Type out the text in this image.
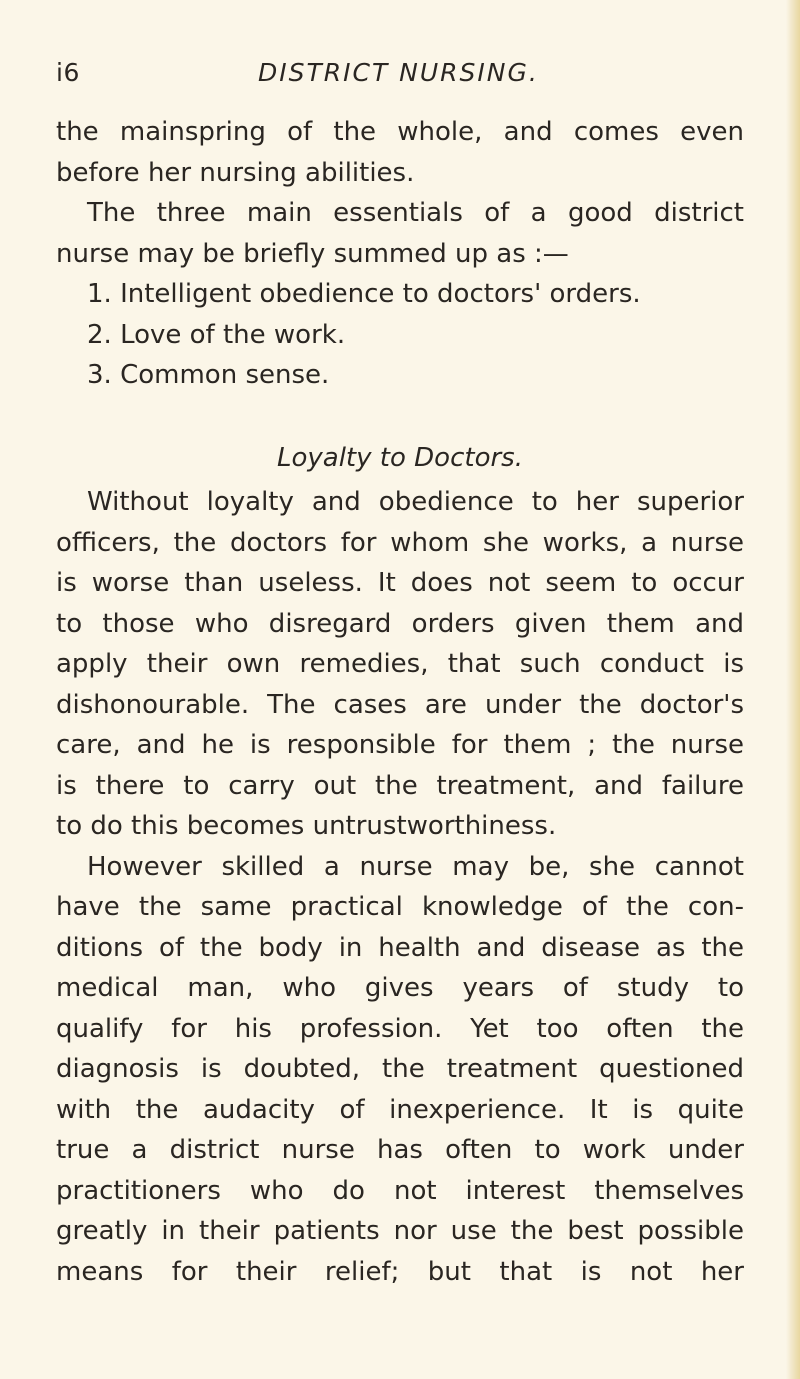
i6	DISTRICT NURSING.
the mainspring of the whole, and comes even
before her nursing abilities.
The three main essentials of a good district
nurse may be briefly summed up as :—
1. Intelligent obedience to doctors' orders.
2. Love of the work.
3. Common sense.
Loyalty to Doctors.
Without loyalty and obedience to her superior
officers, the doctors for whom she works, a nurse
is worse than useless. It does not seem to occur
to those who disregard orders given them and
apply their own remedies, that such conduct is
dishonourable. The cases are under the doctor's
care, and he is responsible for them ; the nurse
is there to carry out the treatment, and failure
to do this becomes untrustworthiness.
However skilled a nurse may be, she cannot
have the same practical knowledge of the con-
ditions of the body in health and disease as the
medical man, who gives years of study to
qualify for his profession. Yet too often the
diagnosis is doubted, the treatment questioned
with the audacity of inexperience. It is quite
true a district nurse has often to work under
practitioners who do not interest themselves
greatly in their patients nor use the best possible
means for their relief; but that is not her
